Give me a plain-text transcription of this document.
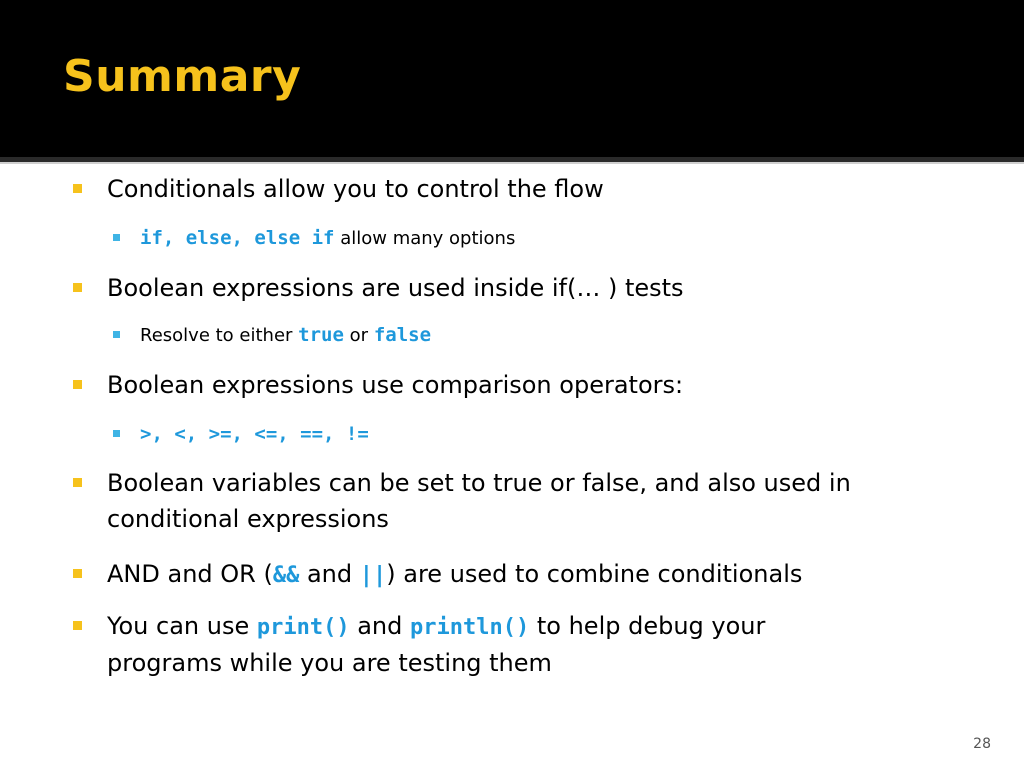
Summary
Conditionals allow you to control the flow
if, else, else if allow many options
Boolean expressions are used inside if(… ) tests
Resolve to either true or false
Boolean expressions use comparison operators:
>, <, >=, <=, ==, !=
Boolean variables can be set to true or false, and also used in
conditional expressions
AND and OR (&& and ||) are used to combine conditionals
You can use print() and println() to help debug your
programs while you are testing them
28
